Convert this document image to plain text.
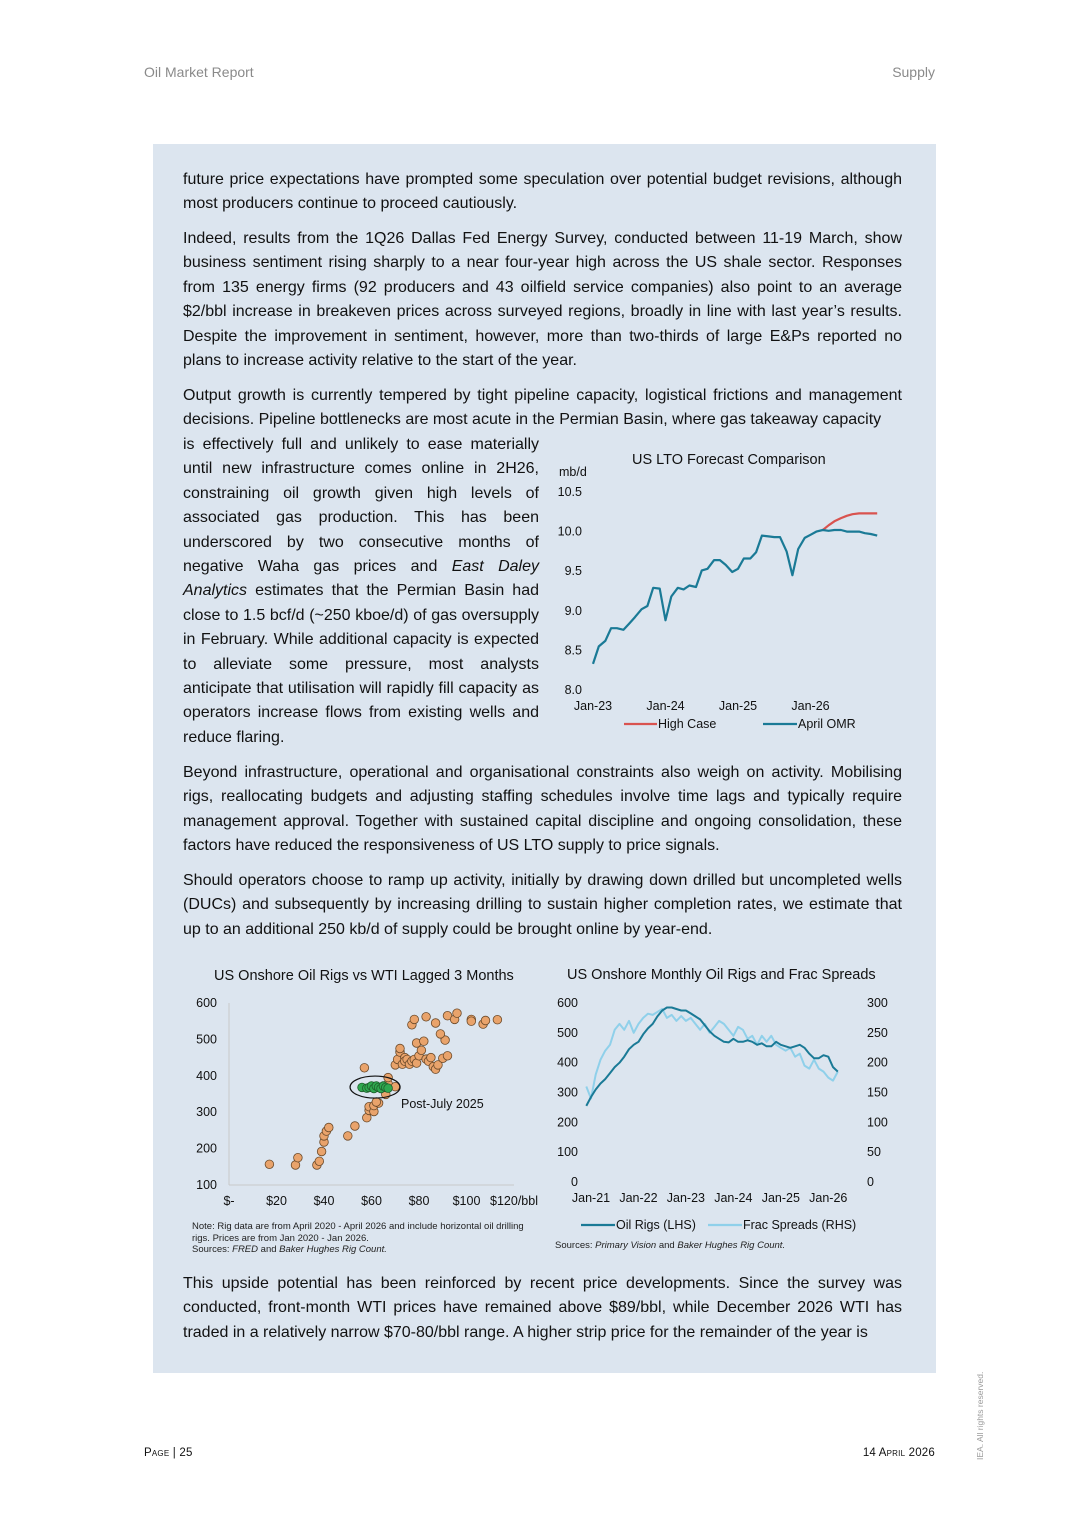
Oil Market Report	Supply

future price expectations have prompted some speculation over potential budget revisions, although most producers continue to proceed cautiously.

Indeed, results from the 1Q26 Dallas Fed Energy Survey, conducted between 11-19 March, show business sentiment rising sharply to a near four-year high across the US shale sector. Responses from 135 energy firms (92 producers and 43 oilfield service companies) also point to an average $2/bbl increase in breakeven prices across surveyed regions, broadly in line with last year’s results. Despite the improvement in sentiment, however, more than two-thirds of large E&Ps reported no plans to increase activity relative to the start of the year.

Output growth is currently tempered by tight pipeline capacity, logistical frictions and management decisions. Pipeline bottlenecks are most acute in the Permian Basin, where gas takeaway capacity

is effectively full and unlikely to ease materially until new infrastructure comes online in 2H26, constraining oil growth given high levels of associated gas production. This has been underscored by two consecutive months of negative Waha gas prices and East Daley Analytics estimates that the Permian Basin had close to 1.5 bcf/d (~250 kboe/d) of gas oversupply in February. While additional capacity is expected to alleviate some pressure, most analysts anticipate that utilisation will rapidly fill capacity as operators increase flows from existing wells and reduce flaring.

US LTO Forecast Comparison
mb/d
8.0
8.5
9.0
9.5
10.0
10.5
Jan-23	Jan-24	Jan-25	Jan-26
High Case	April OMR

Beyond infrastructure, operational and organisational constraints also weigh on activity. Mobilising rigs, reallocating budgets and adjusting staffing schedules involve time lags and typically require management approval. Together with sustained capital discipline and ongoing consolidation, these factors have reduced the responsiveness of US LTO supply to price signals.

Should operators choose to ramp up activity, initially by drawing down drilled but uncompleted wells (DUCs) and subsequently by increasing drilling to sustain higher completion rates, we estimate that up to an additional 250 kb/d of supply could be brought online by year-end.

US Onshore Oil Rigs vs WTI Lagged 3 Months
100
200
300
400
500
600
$-	$20 $40 $60 $80 $100 $120/bbl
Post-July 2025
Note: Rig data are from April 2020 - April 2026 and include horizontal oil drilling
rigs. Prices are from Jan 2020 - Jan 2026.
Sources: FRED and Baker Hughes Rig Count.
US Onshore Monthly Oil Rigs and Frac Spreads
0
100
200
300
400
500
600
0
50
100
150
200
250
300
Jan-21 Jan-22 Jan-23 Jan-24 Jan-25 Jan-26
Oil Rigs (LHS)	Frac Spreads (RHS)
Sources: Primary Vision and Baker Hughes Rig Count.

This upside potential has been reinforced by recent price developments. Since the survey was conducted, front-month WTI prices have remained above $89/bbl, while December 2026 WTI has traded in a relatively narrow $70-80/bbl range. A higher strip price for the remainder of the year is

Page | 25	14 April 2026	IEA. All rights reserved.
